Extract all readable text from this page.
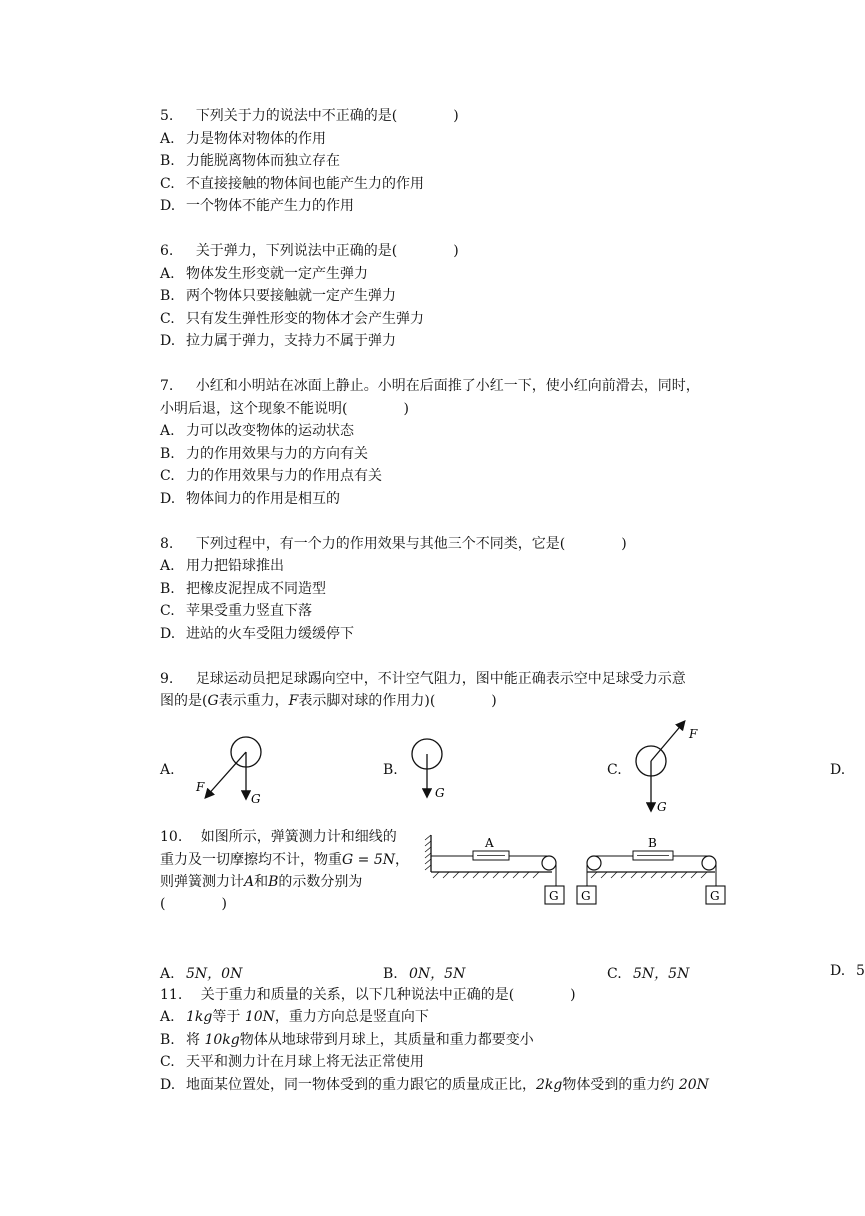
5. 下列关于力的说法中不正确的是(　　　　)
A. 力是物体对物体的作用
B. 力能脱离物体而独立存在
C. 不直接接触的物体间也能产生力的作用
D. 一个物体不能产生力的作用
6. 关于弹力，下列说法中正确的是(　　　　)
A. 物体发生形变就一定产生弹力
B. 两个物体只要接触就一定产生弹力
C. 只有发生弹性形变的物体才会产生弹力
D. 拉力属于弹力，支持力不属于弹力
7. 小红和小明站在冰面上静止。小明在后面推了小红一下，使小红向前滑去，同时，
小明后退，这个现象不能说明(　　　　)
A. 力可以改变物体的运动状态
B. 力的作用效果与力的方向有关
C. 力的作用效果与力的作用点有关
D. 物体间力的作用是相互的
8. 下列过程中，有一个力的作用效果与其他三个不同类，它是(　　　　)
A. 用力把铅球推出
B. 把橡皮泥捏成不同造型
C. 苹果受重力竖直下落
D. 进站的火车受阻力缓缓停下
9. 足球运动员把足球踢向空中，不计空气阻力，图中能正确表示空中足球受力示意
图的是(G表示重力，F表示脚对球的作用力)(　　　　)
A.	B.	C.	D.
F
G	G
F
G
10. 如图所示，弹簧测力计和细线的
重力及一切摩擦均不计，物重G = 5N，
则弹簧测力计A和B的示数分别为
(　　　　)
A
G
B
G	G
A. 5N，0N	B. 0N，5N	C. 5N，5N	D. 5
11. 关于重力和质量的关系，以下几种说法中正确的是(　　　　)
A. 1kg等于 10N，重力方向总是竖直向下
B. 将 10kg物体从地球带到月球上，其质量和重力都要变小
C. 天平和测力计在月球上将无法正常使用
D. 地面某位置处，同一物体受到的重力跟它的质量成正比，2kg物体受到的重力约 20N
